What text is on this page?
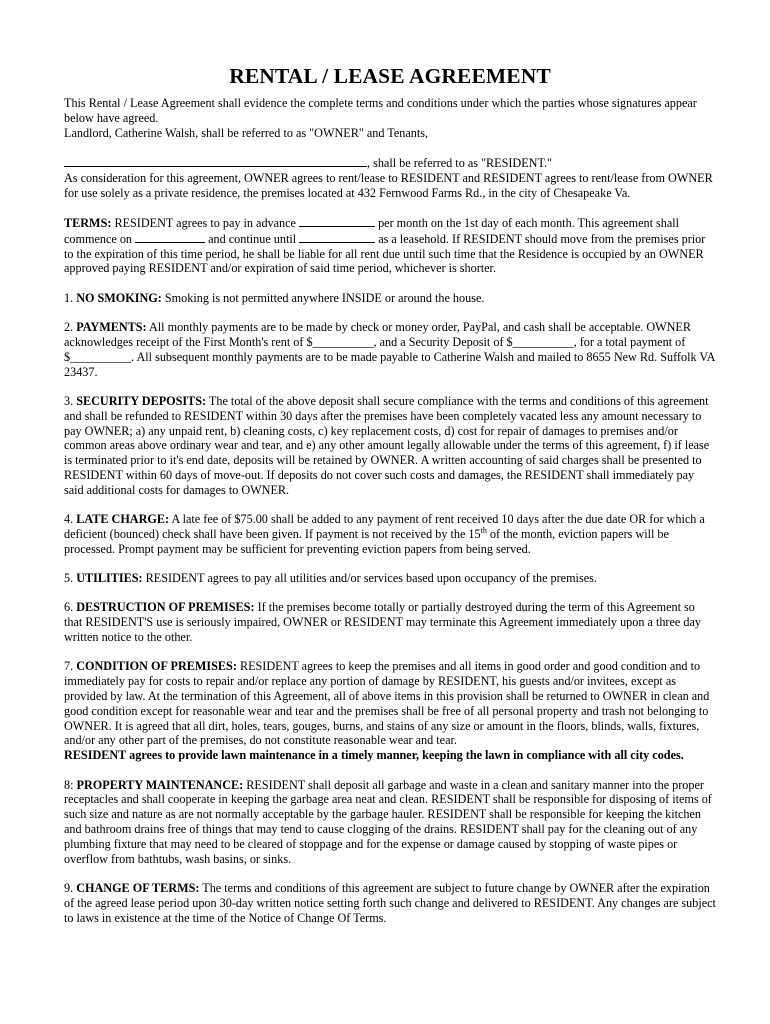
RENTAL / LEASE AGREEMENT

This Rental / Lease Agreement shall evidence the complete terms and conditions under which the parties whose signatures appear below have agreed.
Landlord, Catherine Walsh, shall be referred to as "OWNER" and Tenants,

, shall be referred to as "RESIDENT."
As consideration for this agreement, OWNER agrees to rent/lease to RESIDENT and RESIDENT agrees to rent/lease from OWNER for use solely as a private residence, the premises located at 432 Fernwood Farms Rd., in the city of Chesapeake Va.

TERMS: RESIDENT agrees to pay in advance	per month on the 1st day of each month. This agreement shall commence on	and continue until	as a leasehold. If RESIDENT should move from the premises prior to the expiration of this time period, he shall be liable for all rent due until such time that the Residence is occupied by an OWNER approved paying RESIDENT and/or expiration of said time period, whichever is shorter.

1. NO SMOKING: Smoking is not permitted anywhere INSIDE or around the house.

2. PAYMENTS: All monthly payments are to be made by check or money order, PayPal, and cash shall be acceptable. OWNER acknowledges receipt of the First Month's rent of $__________, and a Security Deposit of $__________, for a total payment of $__________. All subsequent monthly payments are to be made payable to Catherine Walsh and mailed to 8655 New Rd. Suffolk VA 23437.

3. SECURITY DEPOSITS: The total of the above deposit shall secure compliance with the terms and conditions of this agreement and shall be refunded to RESIDENT within 30 days after the premises have been completely vacated less any amount necessary to pay OWNER; a) any unpaid rent, b) cleaning costs, c) key replacement costs, d) cost for repair of damages to premises and/or common areas above ordinary wear and tear, and e) any other amount legally allowable under the terms of this agreement, f) if lease is terminated prior to it's end date, deposits will be retained by OWNER. A written accounting of said charges shall be presented to RESIDENT within 60 days of move-out. If deposits do not cover such costs and damages, the RESIDENT shall immediately pay said additional costs for damages to OWNER.

4. LATE CHARGE: A late fee of $75.00 shall be added to any payment of rent received 10 days after the due date OR for which a deficient (bounced) check shall have been given. If payment is not received by the 15th of the month, eviction papers will be processed. Prompt payment may be sufficient for preventing eviction papers from being served.

5. UTILITIES: RESIDENT agrees to pay all utilities and/or services based upon occupancy of the premises.

6. DESTRUCTION OF PREMISES: If the premises become totally or partially destroyed during the term of this Agreement so that RESIDENT'S use is seriously impaired, OWNER or RESIDENT may terminate this Agreement immediately upon a three day written notice to the other.

7. CONDITION OF PREMISES: RESIDENT agrees to keep the premises and all items in good order and good condition and to immediately pay for costs to repair and/or replace any portion of damage by RESIDENT, his guests and/or invitees, except as provided by law. At the termination of this Agreement, all of above items in this provision shall be returned to OWNER in clean and good condition except for reasonable wear and tear and the premises shall be free of all personal property and trash not belonging to OWNER. It is agreed that all dirt, holes, tears, gouges, burns, and stains of any size or amount in the floors, blinds, walls, fixtures, and/or any other part of the premises, do not constitute reasonable wear and tear.
RESIDENT agrees to provide lawn maintenance in a timely manner, keeping the lawn in compliance with all city codes.

8: PROPERTY MAINTENANCE: RESIDENT shall deposit all garbage and waste in a clean and sanitary manner into the proper receptacles and shall cooperate in keeping the garbage area neat and clean. RESIDENT shall be responsible for disposing of items of such size and nature as are not normally acceptable by the garbage hauler. RESIDENT shall be responsible for keeping the kitchen and bathroom drains free of things that may tend to cause clogging of the drains. RESIDENT shall pay for the cleaning out of any plumbing fixture that may need to be cleared of stoppage and for the expense or damage caused by stopping of waste pipes or overflow from bathtubs, wash basins, or sinks.

9. CHANGE OF TERMS: The terms and conditions of this agreement are subject to future change by OWNER after the expiration of the agreed lease period upon 30-day written notice setting forth such change and delivered to RESIDENT. Any changes are subject to laws in existence at the time of the Notice of Change Of Terms.
